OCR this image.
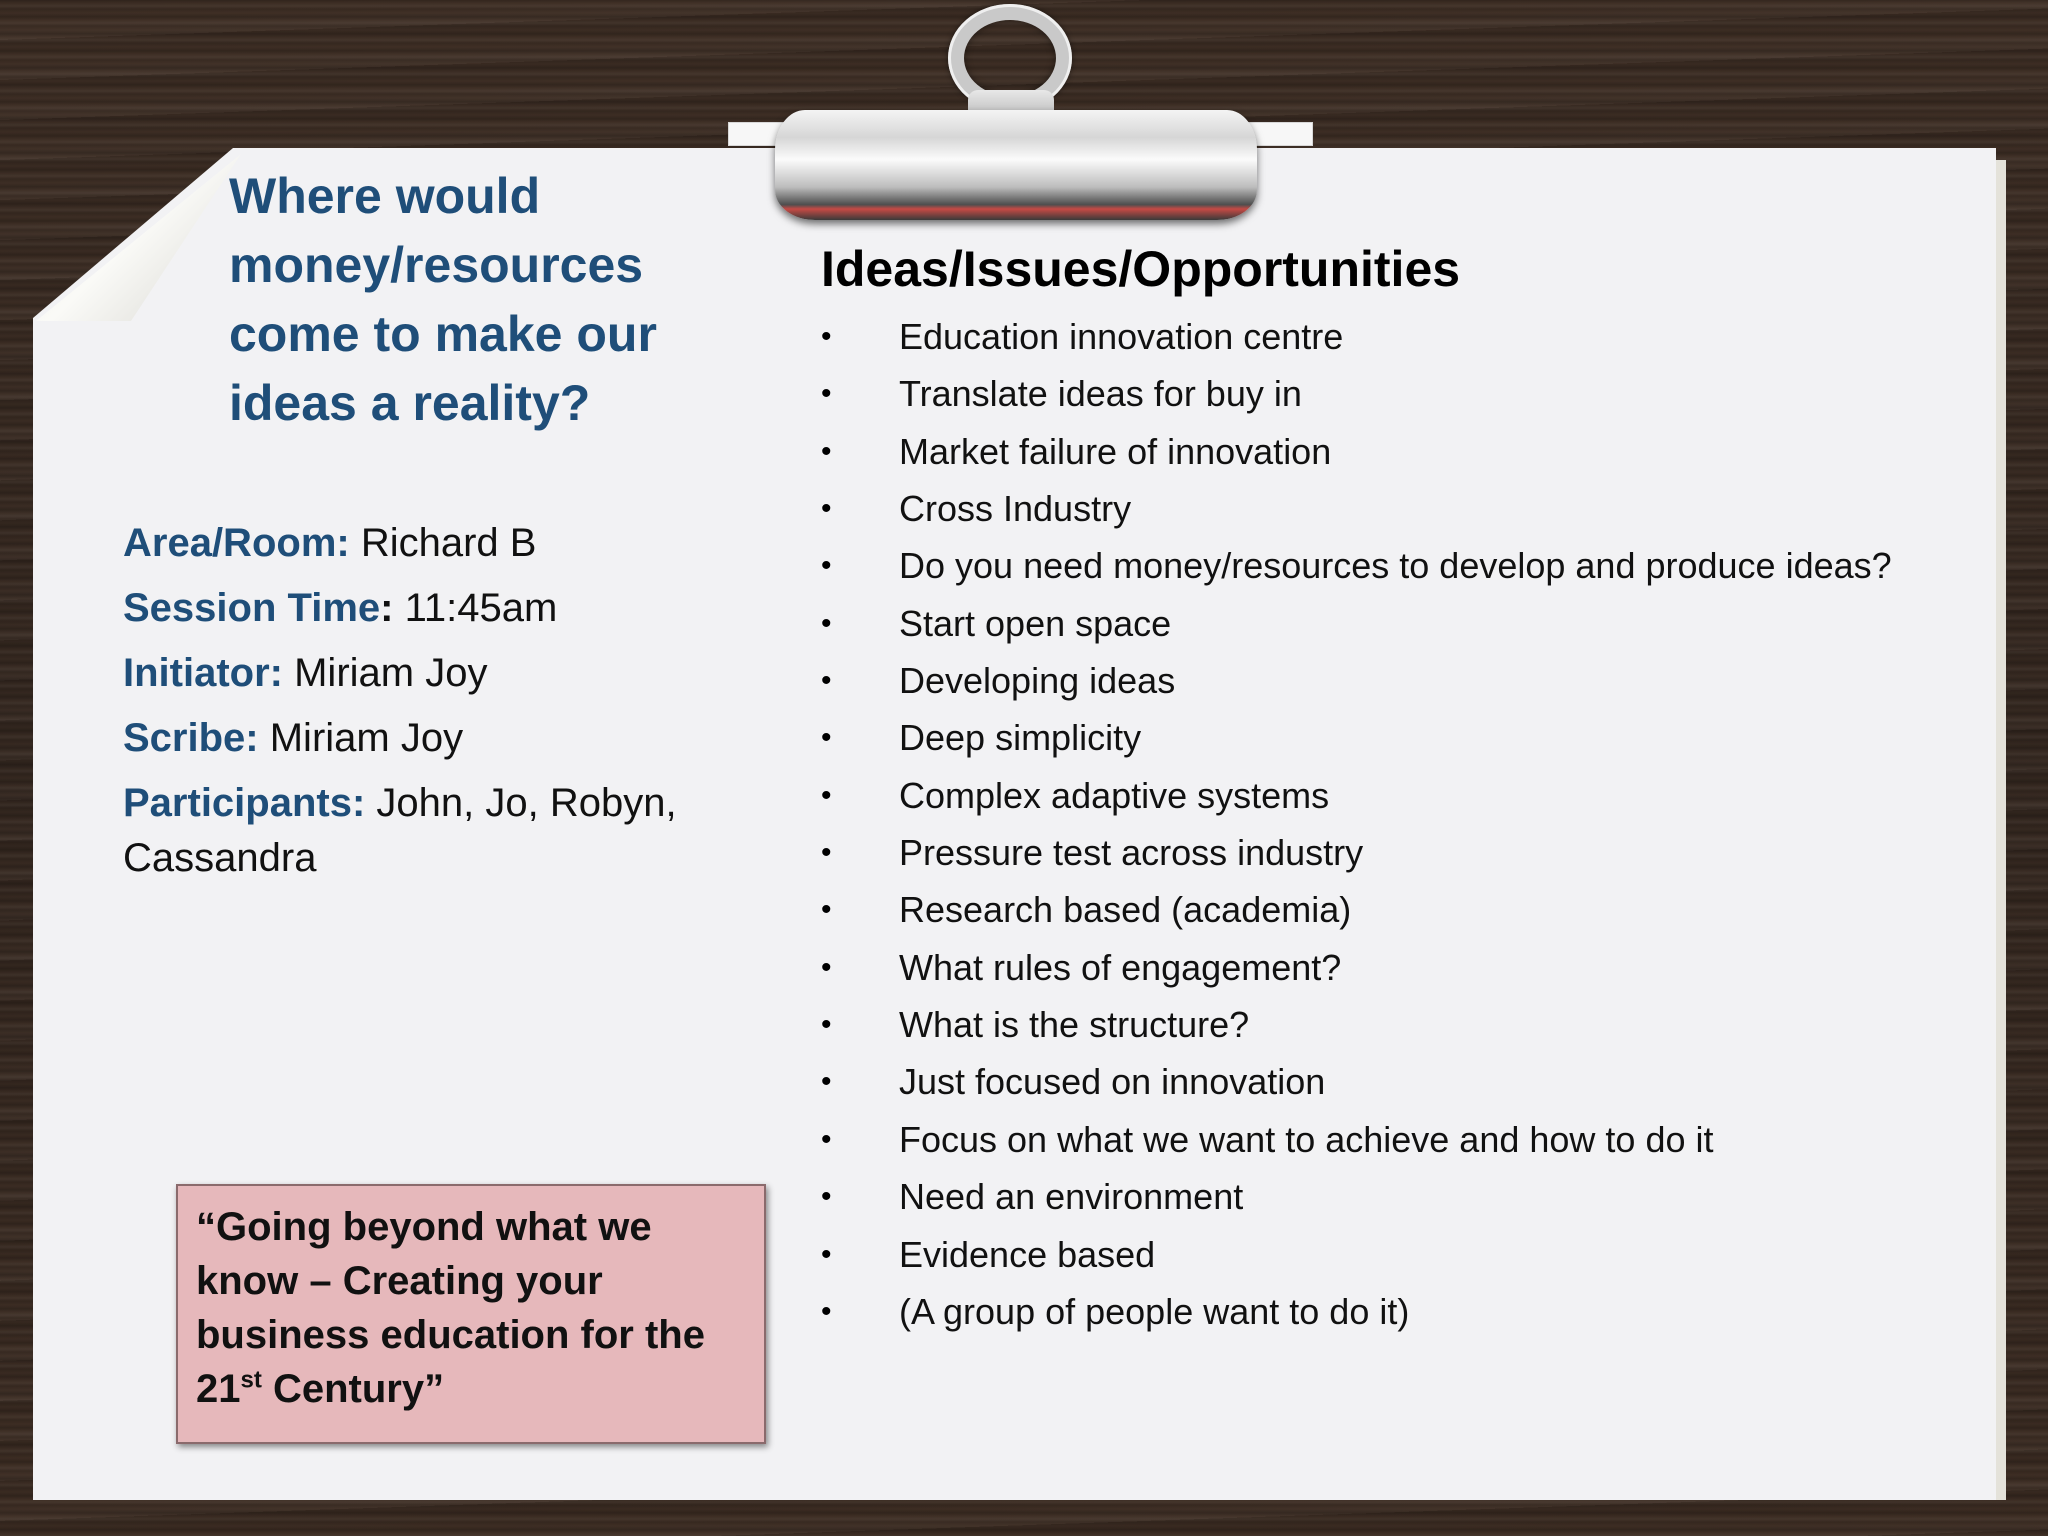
Where would money/resources come to make our ideas a reality?

Area/Room: Richard B

Session Time: 11:45am

Initiator: Miriam Joy

Scribe: Miriam Joy

Participants: John, Jo, Robyn, Cassandra

“Going beyond what we know – Creating your business education for the 21st Century”

Ideas/Issues/Opportunities
• Education innovation centre
• Translate ideas for buy in
• Market failure of innovation
• Cross Industry
• Do you need money/resources to develop and produce ideas?
• Start open space
• Developing ideas
• Deep simplicity
• Complex adaptive systems
• Pressure test across industry
• Research based (academia)
• What rules of engagement?
• What is the structure?
• Just focused on innovation
• Focus on what we want to achieve and how to do it
• Need an environment
• Evidence based
• (A group of people want to do it)
